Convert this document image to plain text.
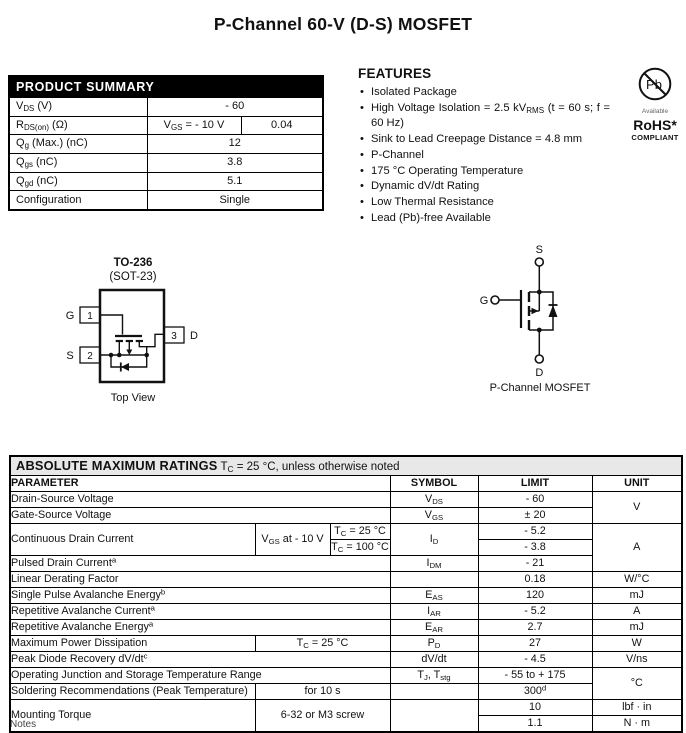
P-Channel 60-V (D-S) MOSFET
PRODUCT SUMMARY		
$V_{DS}$ (V)	- 60	
$R_{DS(on)}$ (Ω)	$V_{GS}$ = - 10 V	0.04
$Q_g$ (Max.) (nC)	12	
$Q_{gs}$ (nC)	3.8	
$Q_{gd}$ (nC)	5.1	
Configuration	Single	
FEATURES
• Isolated Package
• High Voltage Isolation = 2.5 $kV_{RMS}$ (t = 60 s; f = 60 Hz)
• Sink to Lead Creepage Distance = 4.8 mm
• P-Channel
• 175 °C Operating Temperature
• Dynamic dV/dt Rating
• Low Thermal Resistance
• Lead (Pb)-free Available
Pb
Available
RoHS*
COMPLIANT
TO-236
(SOT-23)
1
G
2
S
3 D
Top View
S
G
D
P-Channel MOSFET
ABSOLUTE MAXIMUM RATINGS $T_C = 25$ °C, unless otherwise noted					
PARAMETER			SYMBOL	LIMIT	UNIT
Drain-Source Voltage			$V_{DS}$	- 60	V
Gate-Source Voltage			$V_{GS}$	± 20	
Continuous Drain Current	$V_{GS}$ at - 10 V	$T_C = 25$ °C	$I_D$	- 5.2	A
		$T_C = 100$ °C		- 3.8	
Pulsed Drain Current$^a$			$I_{DM}$	- 21	
Linear Derating Factor				0.18	W/°C
Single Pulse Avalanche Energy$^b$			$E_{AS}$	120	mJ
Repetitive Avalanche Current$^a$			$I_{AR}$	- 5.2	A
Repetitive Avalanche Energy$^a$			$E_{AR}$	2.7	mJ
Maximum Power Dissipation	$T_C = 25$ °C		$P_D$	27	W
Peak Diode Recovery $dV/dt^c$			dV/dt	- 4.5	V/ns
Operating Junction and Storage Temperature Range			$T_J$, $T_{stg}$	- 55 to + 175	°C
Soldering Recommendations (Peak Temperature)	for 10 s			300$^d$
Mounting Torque	6-32 or M3 screw			10	lbf · in
				1.1	N · m
Notes
